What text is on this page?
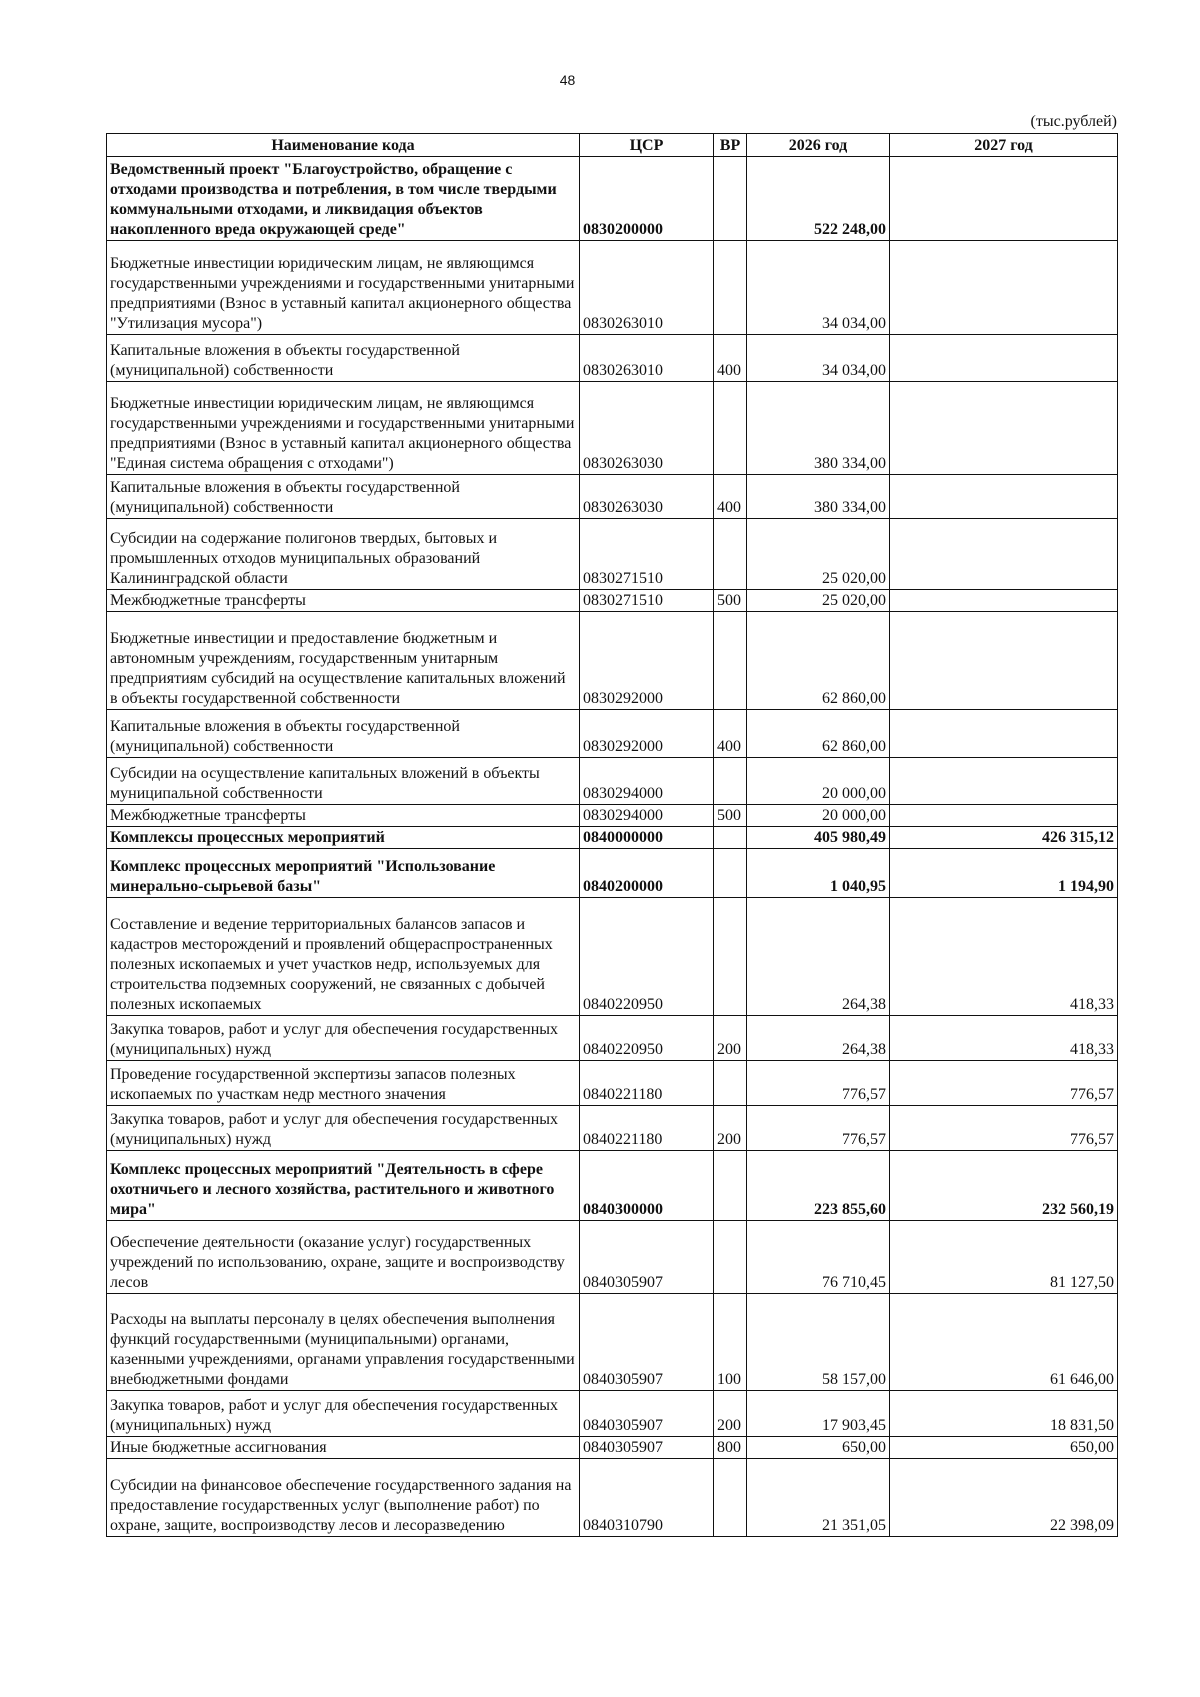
48
(тыс.рублей)
Наименование кода	ЦСР	ВР	2026 год	2027 год
Ведомственный проект "Благоустройство, обращение с отходами производства и потребления, в том числе твердыми коммунальными отходами, и ликвидация объектов накопленного вреда окружающей среде"	0830200000		522 248,00	
Бюджетные инвестиции юридическим лицам, не являющимся государственными учреждениями и государственными унитарными предприятиями (Взнос в уставный капитал акционерного общества "Утилизация мусора")	0830263010		34 034,00	
Капитальные вложения в объекты государственной (муниципальной) собственности	0830263010	400	34 034,00	
Бюджетные инвестиции юридическим лицам, не являющимся государственными учреждениями и государственными унитарными предприятиями (Взнос в уставный капитал акционерного общества "Единая система обращения с отходами")	0830263030		380 334,00	
Капитальные вложения в объекты государственной (муниципальной) собственности	0830263030	400	380 334,00	
Субсидии на содержание полигонов твердых, бытовых и промышленных отходов муниципальных образований Калининградской области	0830271510		25 020,00	
Межбюджетные трансферты	0830271510	500	25 020,00	
Бюджетные инвестиции и предоставление бюджетным и автономным учреждениям, государственным унитарным предприятиям субсидий на осуществление капитальных вложений в объекты государственной собственности	0830292000		62 860,00	
Капитальные вложения в объекты государственной (муниципальной) собственности	0830292000	400	62 860,00	
Субсидии на осуществление капитальных вложений в объекты муниципальной собственности	0830294000		20 000,00	
Межбюджетные трансферты	0830294000	500	20 000,00	
Комплексы процессных мероприятий	0840000000		405 980,49	426 315,12
Комплекс процессных мероприятий "Использование минерально-сырьевой базы"	0840200000		1 040,95	1 194,90
Составление и ведение территориальных балансов запасов и кадастров месторождений и проявлений общераспространенных полезных ископаемых и учет участков недр, используемых для строительства подземных сооружений, не связанных с добычей полезных ископаемых	0840220950		264,38	418,33
Закупка товаров, работ и услуг для обеспечения государственных (муниципальных) нужд	0840220950	200	264,38	418,33
Проведение государственной экспертизы запасов полезных ископаемых по участкам недр местного значения	0840221180		776,57	776,57
Закупка товаров, работ и услуг для обеспечения государственных (муниципальных) нужд	0840221180	200	776,57	776,57
Комплекс процессных мероприятий "Деятельность в сфере охотничьего и лесного хозяйства, растительного и животного мира"	0840300000		223 855,60	232 560,19
Обеспечение деятельности (оказание услуг) государственных учреждений по использованию, охране, защите и воспроизводству лесов	0840305907		76 710,45	81 127,50
Расходы на выплаты персоналу в целях обеспечения выполнения функций государственными (муниципальными) органами, казенными учреждениями, органами управления государственными внебюджетными фондами	0840305907	100	58 157,00	61 646,00
Закупка товаров, работ и услуг для обеспечения государственных (муниципальных) нужд	0840305907	200	17 903,45	18 831,50
Иные бюджетные ассигнования	0840305907	800	650,00	650,00
Субсидии на финансовое обеспечение государственного задания на предоставление государственных услуг (выполнение работ) по охране, защите, воспроизводству лесов и лесоразведению	0840310790		21 351,05	22 398,09
